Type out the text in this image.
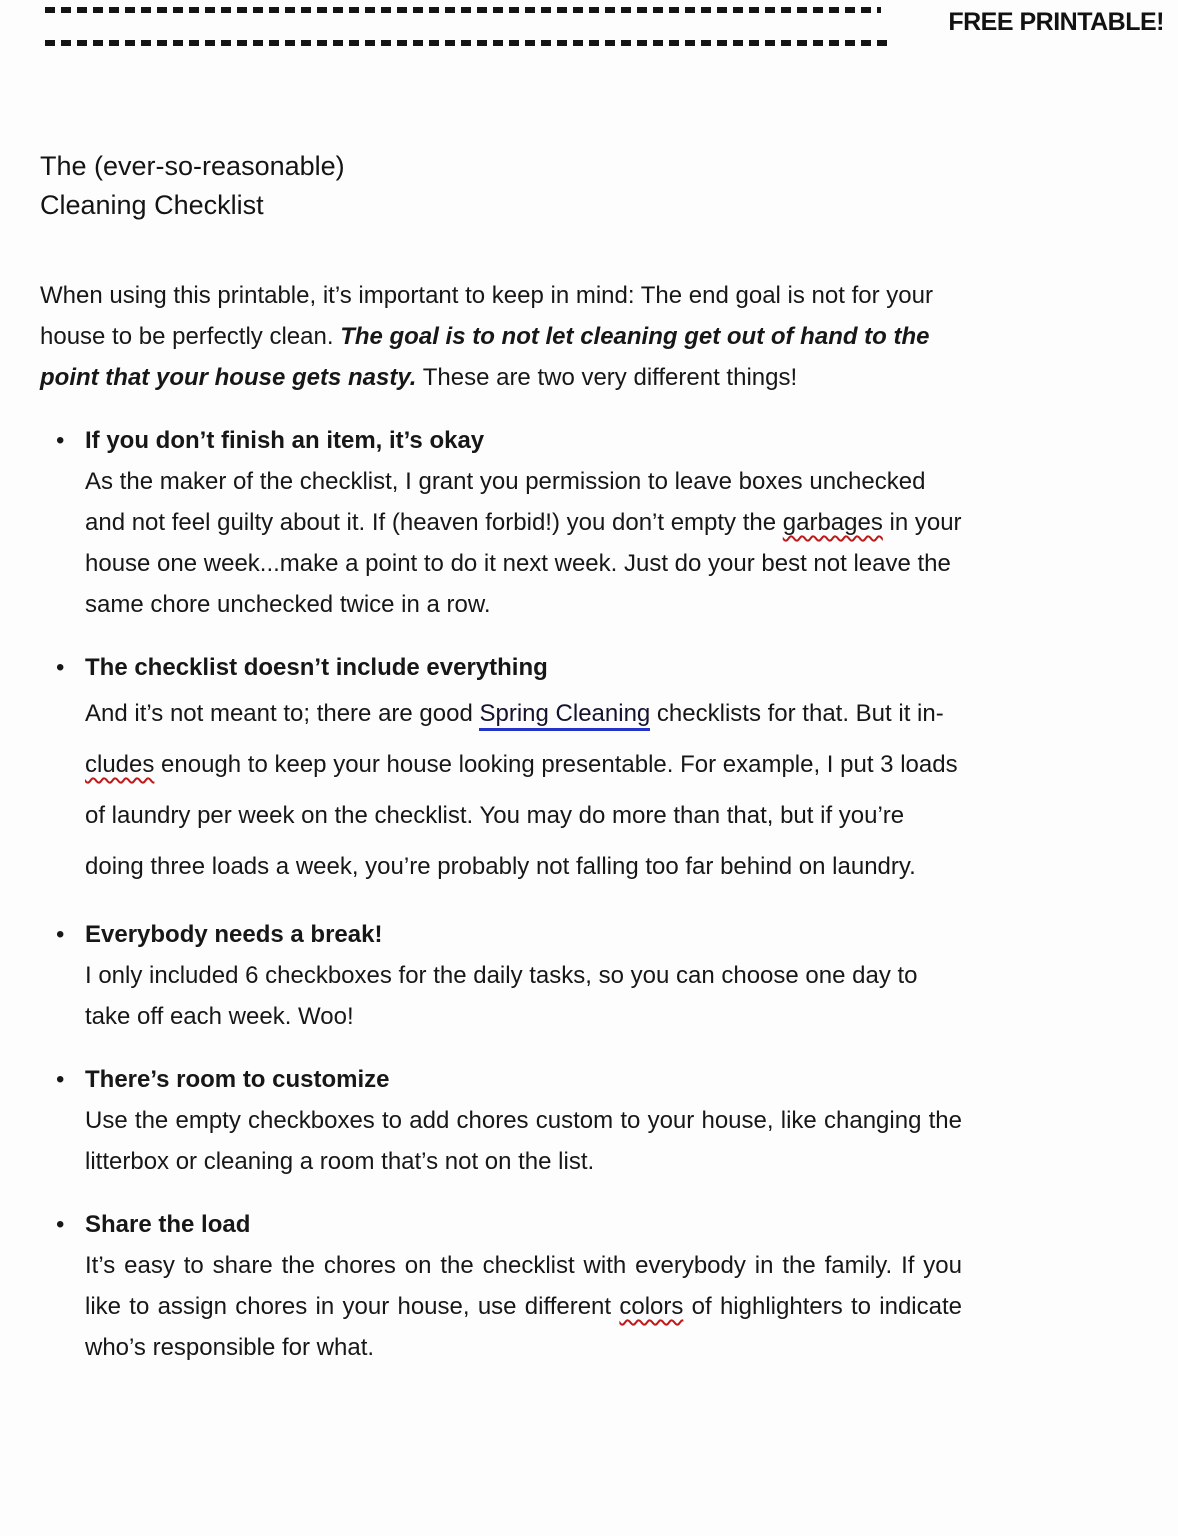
FREE PRINTABLE!
The (ever-so-reasonable)
Cleaning Checklist

When using this printable, it’s important to keep in mind: The end goal is not for your house to be perfectly clean. The goal is to not let cleaning get out of hand to the point that your house gets nasty. These are two very different things!

• If you don’t finish an item, it’s okay
As the maker of the checklist, I grant you permission to leave boxes unchecked and not feel guilty about it. If (heaven forbid!) you don’t empty the garbages in your house one week...make a point to do it next week. Just do your best not leave the same chore unchecked twice in a row.
• The checklist doesn’t include everything
And it’s not meant to; there are good Spring Cleaning checklists for that. But it in-cludes enough to keep your house looking presentable. For example, I put 3 loads of laundry per week on the checklist. You may do more than that, but if you’re doing three loads a week, you’re probably not falling too far behind on laundry.
• Everybody needs a break!
I only included 6 checkboxes for the daily tasks, so you can choose one day to take off each week. Woo!
• There’s room to customize
Use the empty checkboxes to add chores custom to your house, like changing the litterbox or cleaning a room that’s not on the list.
• Share the load
It’s easy to share the chores on the checklist with everybody in the family. If you like to assign chores in your house, use different colors of highlighters to indicate who’s responsible for what.
